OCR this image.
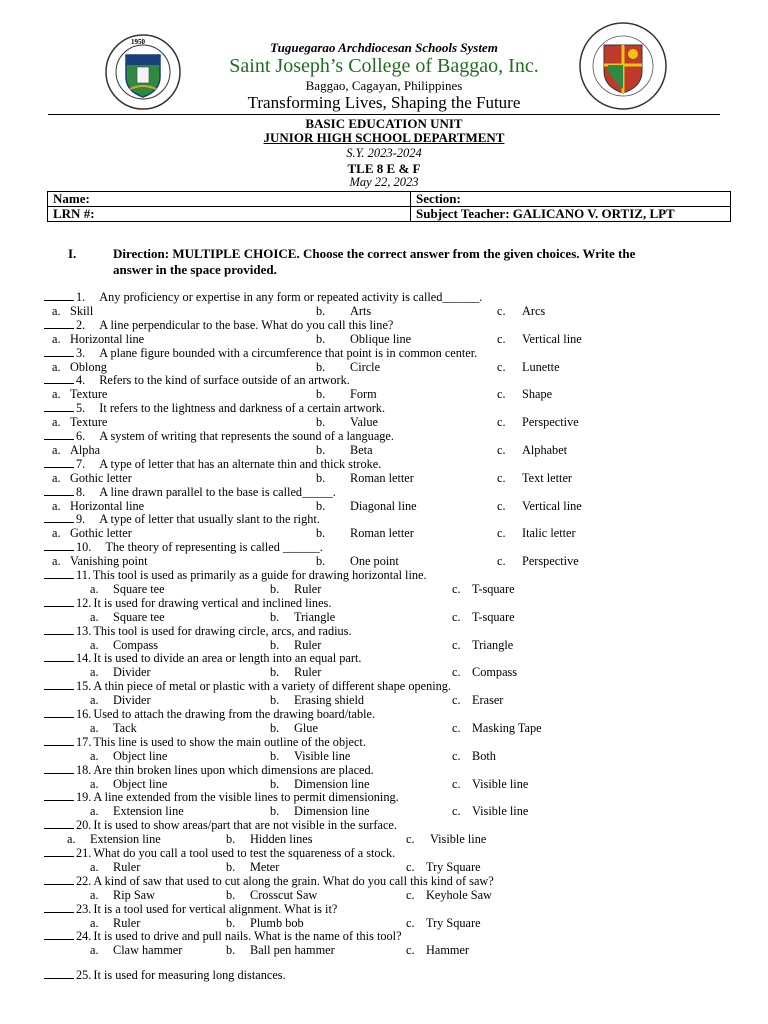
1950	Tuguegarao Archdiocesan Schools System
Saint Joseph’s College of Baggao, Inc.
Baggao, Cagayan, Philippines
Transforming Lives, Shaping the Future
BASIC EDUCATION UNIT
JUNIOR HIGH SCHOOL DEPARTMENT
S.Y. 2023-2024
TLE 8 E & F
May 22, 2023
Name:	Section:
LRN #:	Subject Teacher: GALICANO V. ORTIZ, LPT
I.	Direction: MULTIPLE CHOICE. Choose the correct answer from the given choices. Write the
answer in the space provided.
1. Any proficiency or expertise in any form or repeated activity is called______.
a. Skill	b. Arts	c. Arcs
2. A line perpendicular to the base. What do you call this line?
a. Horizontal line	b. Oblique line	c. Vertical line
3. A plane figure bounded with a circumference that point is in common center.
a. Oblong	b. Circle	c. Lunette
4. Refers to the kind of surface outside of an artwork.
a. Texture	b. Form	c. Shape
5. It refers to the lightness and darkness of a certain artwork.
a. Texture	b. Value	c. Perspective
6. A system of writing that represents the sound of a language.
a. Alpha	b. Beta	c. Alphabet
7. A type of letter that has an alternate thin and thick stroke.
a. Gothic letter	b. Roman letter	c. Text letter
8. A line drawn parallel to the base is called_____.
a. Horizontal line	b. Diagonal line	c. Vertical line
9. A type of letter that usually slant to the right.
a. Gothic letter	b. Roman letter	c. Italic letter
10. The theory of representing is called ______.
a. Vanishing point	b. One point	c. Perspective
11. This tool is used as primarily as a guide for drawing horizontal line.
a. Square tee	b. Ruler	c. T-square
12. It is used for drawing vertical and inclined lines.
a. Square tee	b. Triangle	c. T-square
13. This tool is used for drawing circle, arcs, and radius.
a. Compass	b. Ruler	c. Triangle
14. It is used to divide an area or length into an equal part.
a. Divider	b. Ruler	c. Compass
15. A thin piece of metal or plastic with a variety of different shape opening.
a. Divider	b. Erasing shield	c. Eraser
16. Used to attach the drawing from the drawing board/table.
a. Tack	b. Glue	c. Masking Tape
17. This line is used to show the main outline of the object.
a. Object line	b. Visible line	c. Both
18. Are thin broken lines upon which dimensions are placed.
a. Object line	b. Dimension line	c. Visible line
19. A line extended from the visible lines to permit dimensioning.
a. Extension line	b. Dimension line	c. Visible line
20. It is used to show areas/part that are not visible in the surface.
a. Extension line	b. Hidden lines	c. Visible line
21. What do you call a tool used to test the squareness of a stock.
a. Ruler	b. Meter	c. Try Square
22. A kind of saw that used to cut along the grain. What do you call this kind of saw?
a. Rip Saw	b. Crosscut Saw	c. Keyhole Saw
23. It is a tool used for vertical alignment. What is it?
a. Ruler	b. Plumb bob	c. Try Square
24. It is used to drive and pull nails. What is the name of this tool?
a. Claw hammer	b. Ball pen hammer	c. Hammer
25. It is used for measuring long distances.
